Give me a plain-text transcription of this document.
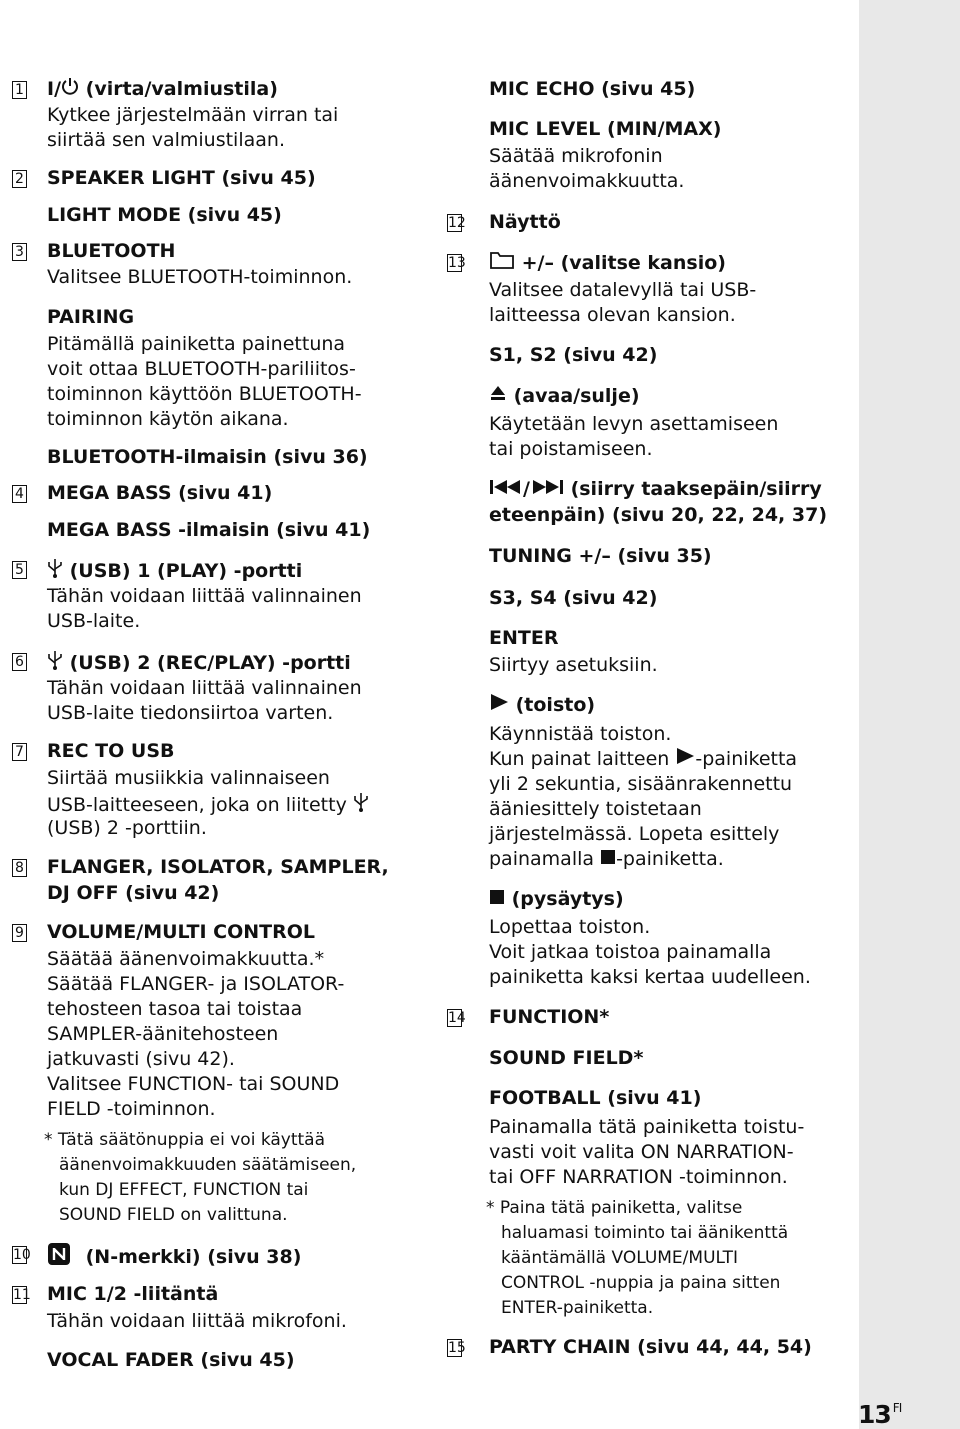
13 $^{FI}$
1
2
3
4
5
6
7
8
9
10
11
I/ (virta/valmiustila)
Kytkee järjestelmään virran tai
siirtää sen valmiustilaan.
SPEAKER LIGHT (sivu 45)
LIGHT MODE (sivu 45)
BLUETOOTH
Valitsee BLUETOOTH-toiminnon.
PAIRING
Pitämällä painiketta painettuna
voit ottaa BLUETOOTH-pariliitos-
toiminnon käyttöön BLUETOOTH-
toiminnon käytön aikana.
BLUETOOTH-ilmaisin (sivu 36)
MEGA BASS (sivu 41)
MEGA BASS -ilmaisin (sivu 41)
(USB) 1 (PLAY) -portti
Tähän voidaan liittää valinnainen
USB-laite.
(USB) 2 (REC/PLAY) -portti
Tähän voidaan liittää valinnainen
USB-laite tiedonsiirtoa varten.
REC TO USB
Siirtää musiikkia valinnaiseen
USB-laitteeseen, joka on liitetty
(USB) 2 -porttiin.
FLANGER, ISOLATOR, SAMPLER,
DJ OFF (sivu 42)
VOLUME/MULTI CONTROL
Säätää äänenvoimakkuutta.*
Säätää FLANGER- ja ISOLATOR-
tehosteen tasoa tai toistaa
SAMPLER-äänitehosteen
jatkuvasti (sivu 42).
Valitsee FUNCTION- tai SOUND
FIELD -toiminnon.
* Tätä säätönuppia ei voi käyttää
äänenvoimakkuuden säätämiseen,
kun DJ EFFECT, FUNCTION tai
SOUND FIELD on valittuna.
(N-merkki) (sivu 38)
MIC 1/2 -liitäntä
Tähän voidaan liittää mikrofoni.
VOCAL FADER (sivu 45)
12
13
14
15
MIC ECHO (sivu 45)
MIC LEVEL (MIN/MAX)
Säätää mikrofonin
äänenvoimakkuutta.
Näyttö
+/– (valitse kansio)
Valitsee datalevyllä tai USB-
laitteessa olevan kansion.
S1, S2 (sivu 42)
(avaa/sulje)
Käytetään levyn asettamiseen
tai poistamiseen.
/ (siirry taaksepäin/siirry
eteenpäin) (sivu 20, 22, 24, 37)
TUNING +/– (sivu 35)
S3, S4 (sivu 42)
ENTER
Siirtyy asetuksiin.
(toisto)
Käynnistää toiston.
Kun painat laitteen -painiketta
yli 2 sekuntia, sisäänrakennettu
ääniesittely toistetaan
järjestelmässä. Lopeta esittely
painamalla -painiketta.
(pysäytys)
Lopettaa toiston.
Voit jatkaa toistoa painamalla
painiketta kaksi kertaa uudelleen.
FUNCTION*
SOUND FIELD*
FOOTBALL (sivu 41)
Painamalla tätä painiketta toistu-
vasti voit valita ON NARRATION-
tai OFF NARRATION -toiminnon.
* Paina tätä painiketta, valitse
haluamasi toiminto tai äänikenttä
kääntämällä VOLUME/MULTI
CONTROL -nuppia ja paina sitten
ENTER-painiketta.
PARTY CHAIN (sivu 44, 44, 54)
